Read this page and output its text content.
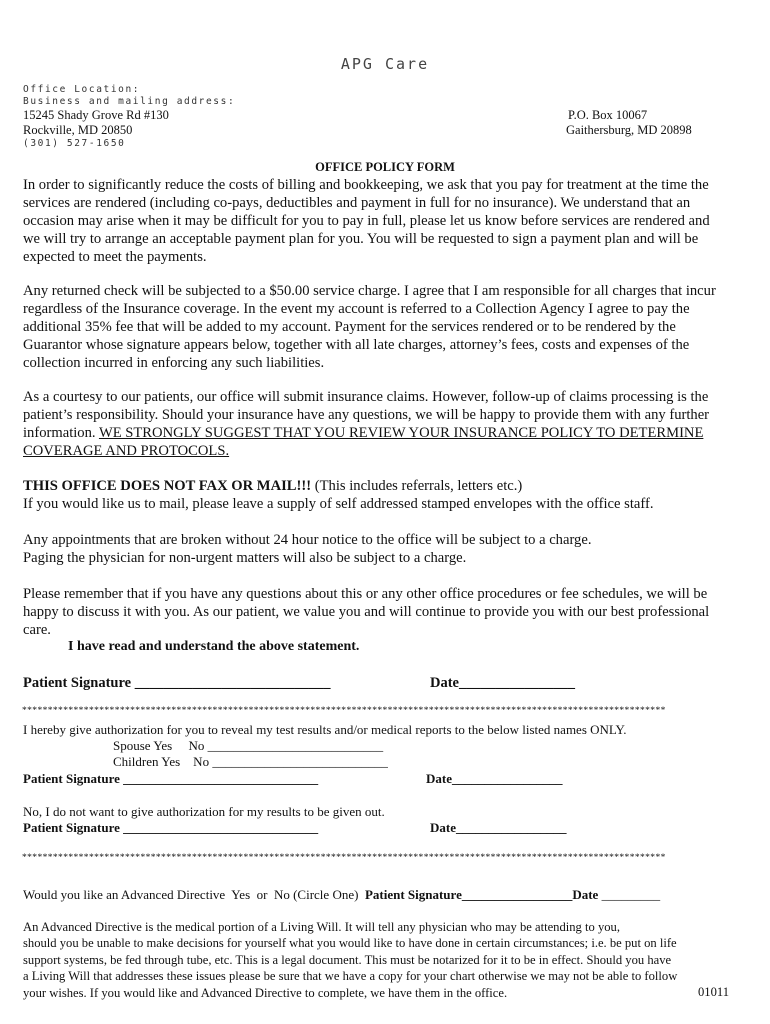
APG Care
Office Location:
Business and mailing address:
15245 Shady Grove Rd #130
Rockville, MD 20850
(301) 527-1650
P.O. Box 10067
Gaithersburg, MD 20898
OFFICE POLICY FORM

In order to significantly reduce the costs of billing and bookkeeping, we ask that you pay for treatment at the time the

services are rendered (including co-pays, deductibles and payment in full for no insurance). We understand that an

occasion may arise when it may be difficult for you to pay in full, please let us know before services are rendered and

we will try to arrange an acceptable payment plan for you. You will be requested to sign a payment plan and will be

expected to meet the payments.

Any returned check will be subjected to a $50.00 service charge. I agree that I am responsible for all charges that incur

regardless of the Insurance coverage. In the event my account is referred to a Collection Agency I agree to pay the

additional 35% fee that will be added to my account. Payment for the services rendered or to be rendered by the

Guarantor whose signature appears below, together with all late charges, attorney’s fees, costs and expenses of the

collection incurred in enforcing any such liabilities.

As a courtesy to our patients, our office will submit insurance claims. However, follow-up of claims processing is the

patient’s responsibility. Should your insurance have any questions, we will be happy to provide them with any further

information. WE STRONGLY SUGGEST THAT YOU REVIEW YOUR INSURANCE POLICY TO DETERMINE

COVERAGE AND PROTOCOLS.

THIS OFFICE DOES NOT FAX OR MAIL!!! (This includes referrals, letters etc.)

If you would like us to mail, please leave a supply of self addressed stamped envelopes with the office staff.

Any appointments that are broken without 24 hour notice to the office will be subject to a charge.

Paging the physician for non-urgent matters will also be subject to a charge.

Please remember that if you have any questions about this or any other office procedures or fee schedules, we will be

happy to discuss it with you. As our patient, we value you and will continue to provide you with our best professional

care.

I have read and understand the above statement.
Patient Signature ___________________________	Date________________
*****************************************************************************************************************************
I hereby give authorization for you to reveal my test results and/or medical reports to the below listed names ONLY.
Spouse Yes     No ___________________________
Children Yes    No ___________________________
Patient Signature ______________________________	Date_________________
No, I do not want to give authorization for my results to be given out.
Patient Signature ______________________________	Date_________________
*****************************************************************************************************************************
Would you like an Advanced Directive  Yes  or  No (Circle One)  Patient Signature_________________Date _________
An Advanced Directive is the medical portion of a Living Will. It will tell any physician who may be attending to you,
should you be unable to make decisions for yourself what you would like to have done in certain circumstances; i.e. be put on life
support systems, be fed through tube, etc. This is a legal document. This must be notarized for it to be in effect. Should you have
a Living Will that addresses these issues please be sure that we have a copy for your chart otherwise we may not be able to follow
your wishes. If you would like and Advanced Directive to complete, we have them in the office.	01011
